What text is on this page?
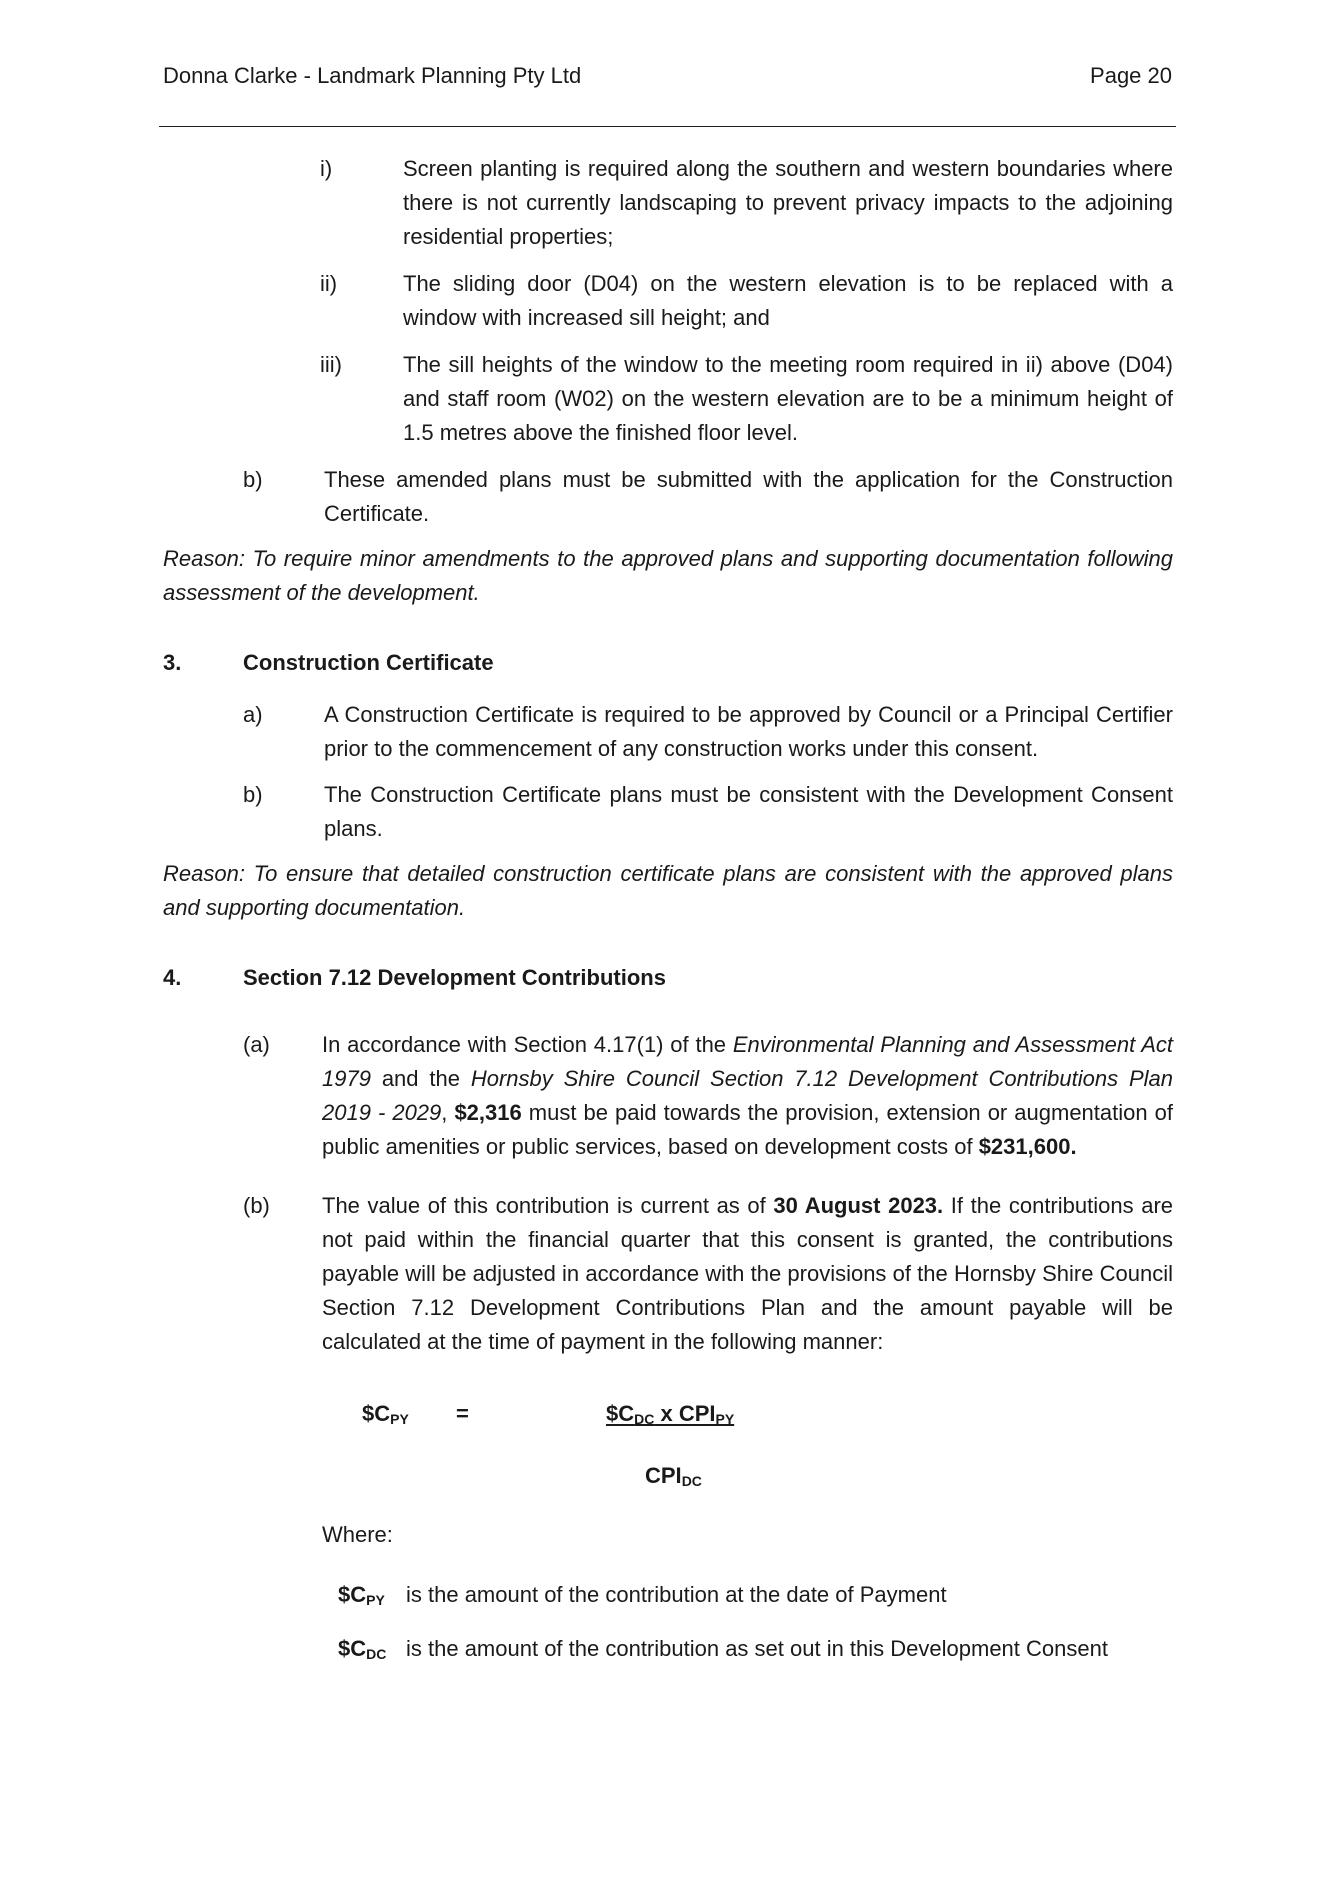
Donna Clarke - Landmark Planning Pty Ltd	Page 20
i)	Screen planting is required along the southern and western boundaries where there is not currently landscaping to prevent privacy impacts to the adjoining residential properties;
ii)	The sliding door (D04) on the western elevation is to be replaced with a window with increased sill height; and
iii)	The sill heights of the window to the meeting room required in ii) above (D04) and staff room (W02) on the western elevation are to be a minimum height of 1.5 metres above the finished floor level.
b)	These amended plans must be submitted with the application for the Construction Certificate.
Reason: To require minor amendments to the approved plans and supporting documentation following assessment of the development.
3.	Construction Certificate
a)	A Construction Certificate is required to be approved by Council or a Principal Certifier prior to the commencement of any construction works under this consent.
b)	The Construction Certificate plans must be consistent with the Development Consent plans.
Reason: To ensure that detailed construction certificate plans are consistent with the approved plans and supporting documentation.
4.	Section 7.12 Development Contributions
(a) In accordance with Section 4.17(1) of the Environmental Planning and Assessment Act 1979 and the Hornsby Shire Council Section 7.12 Development Contributions Plan 2019 - 2029, $2,316 must be paid towards the provision, extension or augmentation of public amenities or public services, based on development costs of $231,600.
(b) The value of this contribution is current as of 30 August 2023. If the contributions are not paid within the financial quarter that this consent is granted, the contributions payable will be adjusted in accordance with the provisions of the Hornsby Shire Council Section 7.12 Development Contributions Plan and the amount payable will be calculated at the time of payment in the following manner:
$\$C_{PY}$ =	$\$C_{DC}$ x $CPI_{PY}$
$CPI_{DC}$
Where:
$\$C_{PY}$ is the amount of the contribution at the date of Payment
$\$C_{DC}$ is the amount of the contribution as set out in this Development Consent
